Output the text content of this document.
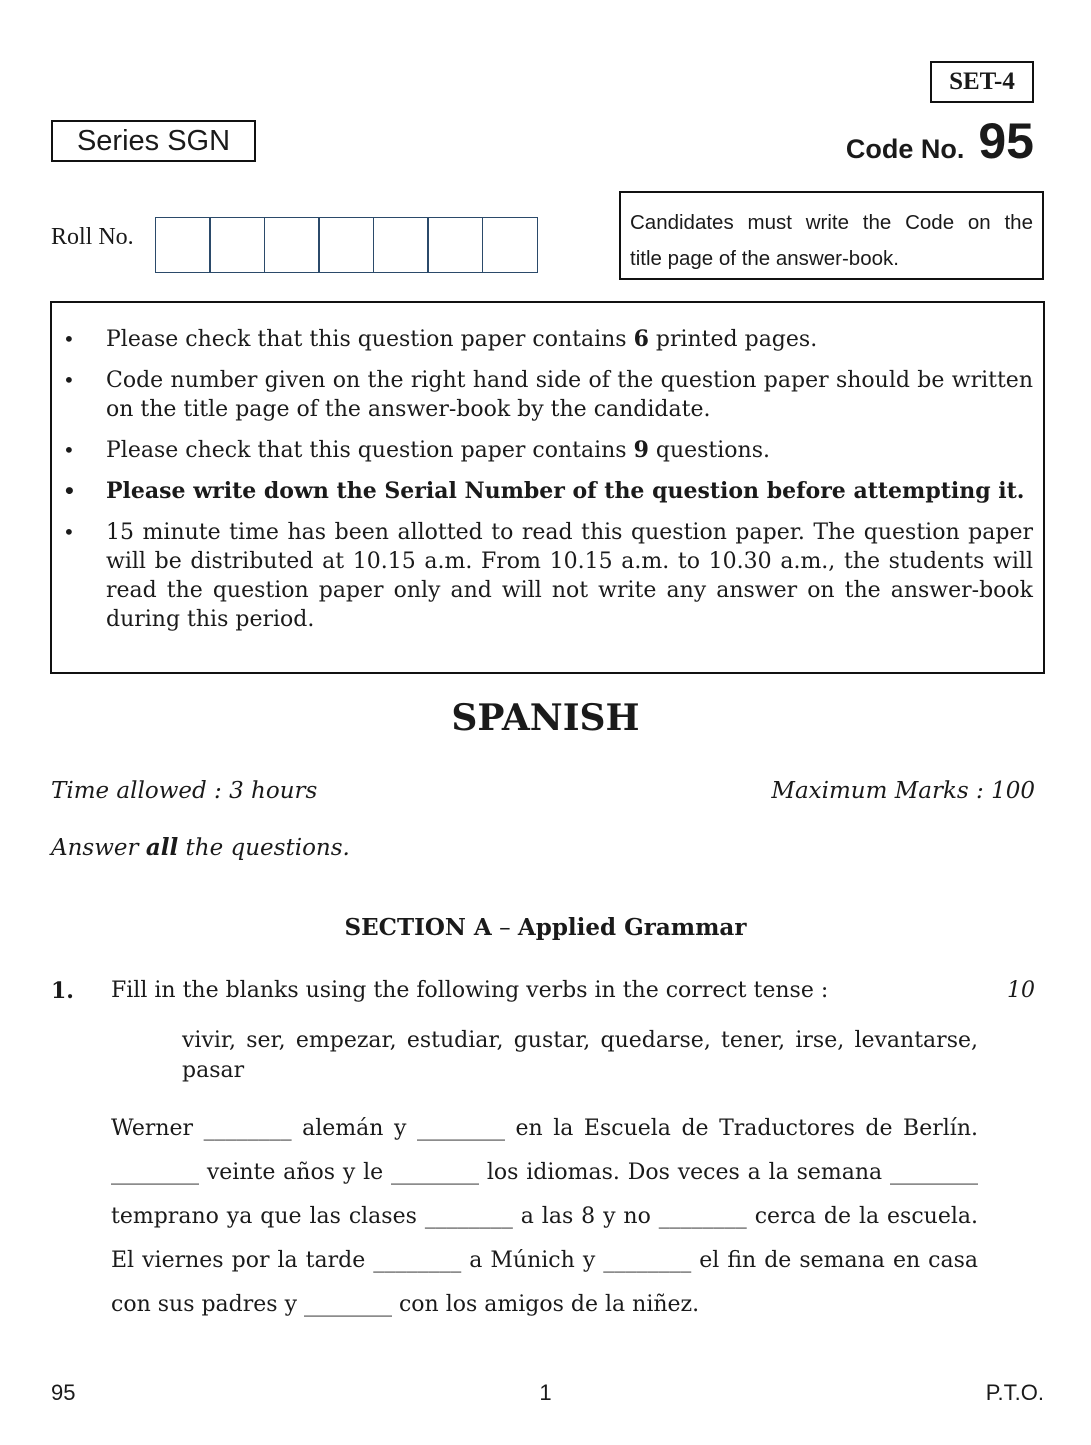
SET-4
Series SGN	Code No. 95
Roll No.
Candidates must write the Code on the
title page of the answer-book.
• Please check that this question paper contains 6 printed pages.
• Code number given on the right hand side of the question paper should be written on the title page of the answer-book by the candidate.
• Please check that this question paper contains 9 questions.
• Please write down the Serial Number of the question before attempting it.
• 15 minute time has been allotted to read this question paper. The question paper will be distributed at 10.15 a.m. From 10.15 a.m. to 10.30 a.m., the students will read the question paper only and will not write any answer on the answer-book during this period.
SPANISH
Time allowed : 3 hours	Maximum Marks : 100
Answer all the questions.
SECTION A – Applied Grammar
1. Fill in the blanks using the following verbs in the correct tense :	10
vivir, ser, empezar, estudiar, gustar, quedarse, tener, irse, levantarse, pasar
Werner ________ alemán y ________ en la Escuela de Traductores de Berlín. ________ veinte años y le ________ los idiomas. Dos veces a la semana ________ temprano ya que las clases ________ a las 8 y no ________ cerca de la escuela. El viernes por la tarde ________ a Múnich y ________ el fin de semana en casa con sus padres y ________ con los amigos de la niñez.
95	1	P.T.O.
